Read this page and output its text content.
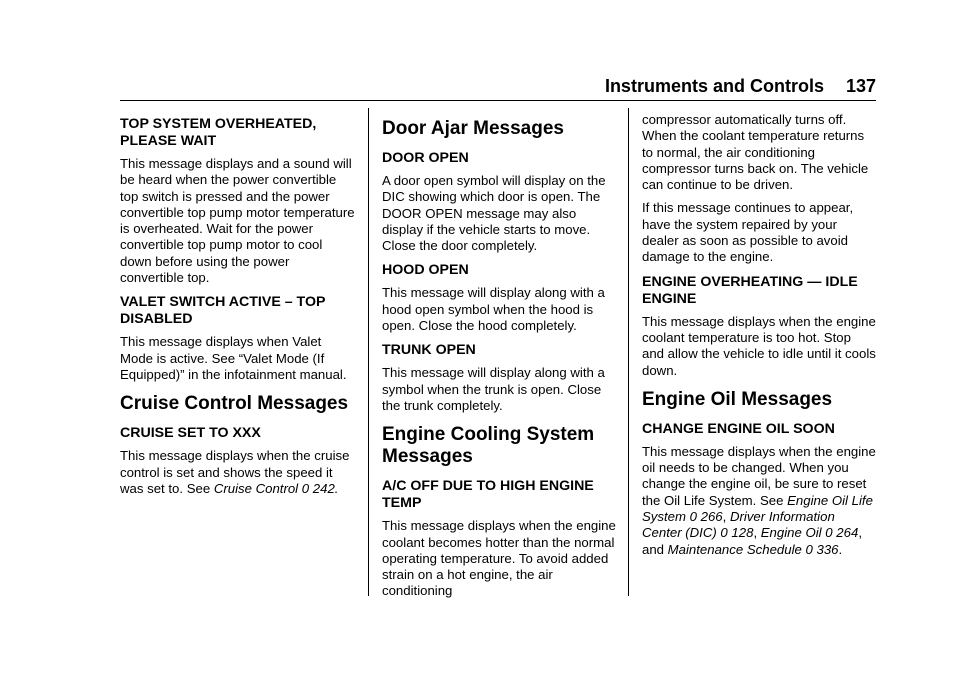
Instruments and Controls 137
TOP SYSTEM OVERHEATED, PLEASE WAIT

This message displays and a sound will be heard when the power convertible top switch is pressed and the power convertible top pump motor temperature is overheated. Wait for the power convertible top pump motor to cool down before using the power convertible top.

VALET SWITCH ACTIVE – TOP DISABLED

This message displays when Valet Mode is active. See “Valet Mode (If Equipped)” in the infotainment manual.

Cruise Control Messages
CRUISE SET TO XXX

This message displays when the cruise control is set and shows the speed it was set to. See Cruise Control 0 242.

Door Ajar Messages
DOOR OPEN

A door open symbol will display on the DIC showing which door is open. The DOOR OPEN message may also display if the vehicle starts to move. Close the door completely.

HOOD OPEN

This message will display along with a hood open symbol when the hood is open. Close the hood completely.

TRUNK OPEN

This message will display along with a symbol when the trunk is open. Close the trunk completely.

Engine Cooling System Messages
A/C OFF DUE TO HIGH ENGINE TEMP

This message displays when the engine coolant becomes hotter than the normal operating temperature. To avoid added strain on a hot engine, the air conditioning

compressor automatically turns off. When the coolant temperature returns to normal, the air conditioning compressor turns back on. The vehicle can continue to be driven.

If this message continues to appear, have the system repaired by your dealer as soon as possible to avoid damage to the engine.

ENGINE OVERHEATING — IDLE ENGINE

This message displays when the engine coolant temperature is too hot. Stop and allow the vehicle to idle until it cools down.

Engine Oil Messages
CHANGE ENGINE OIL SOON

This message displays when the engine oil needs to be changed. When you change the engine oil, be sure to reset the Oil Life System. See Engine Oil Life System 0 266, Driver Information Center (DIC) 0 128, Engine Oil 0 264, and Maintenance Schedule 0 336.
